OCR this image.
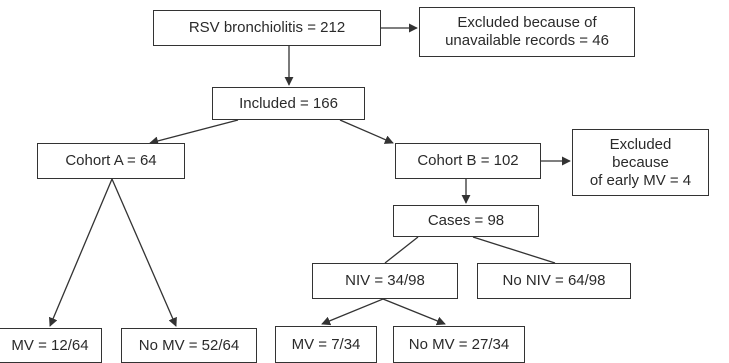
RSV bronchiolitis = 212	Excluded because of
unavailable records = 46
Included = 166
Cohort A = 64	Cohort B = 102
Excluded
because
of early MV = 4
Cases = 98
NIV = 34/98	No NIV = 64/98
MV = 12/64	No MV = 52/64	MV = 7/34	No MV = 27/34
